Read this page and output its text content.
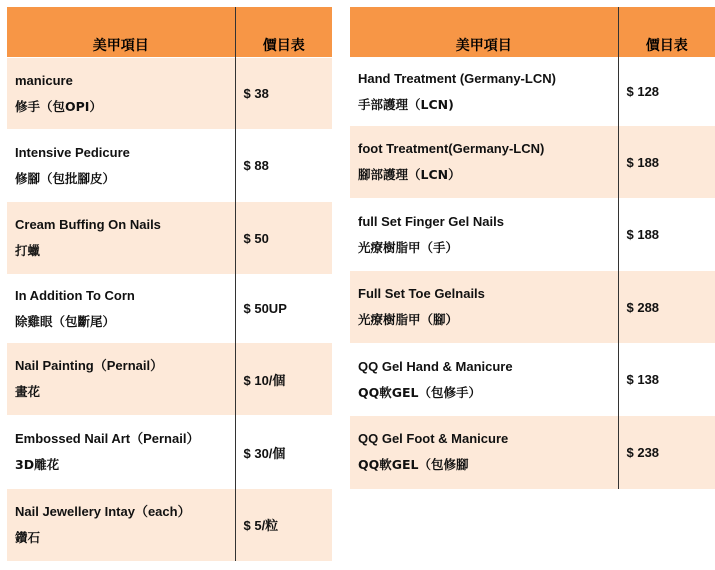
美甲項目	價目表

manicure
修手（包OPI）	$ 38

Intensive Pedicure
修腳（包批腳皮）	$ 88

Cream Buffing On Nails
打蠟	$ 50

In Addition To Corn
除雞眼（包斷尾）	$ 50UP

Nail Painting（Pernail）
畫花	$ 10/個

Embossed Nail Art（Pernail）
3D雕花	$ 30/個

Nail Jewellery Intay（each）
鑽石	$ 5/粒
美甲項目	價目表

Hand Treatment (Germany-LCN)
手部護理（LCN)	$ 128

foot Treatment(Germany-LCN)
腳部護理（LCN）	$ 188

full Set Finger Gel Nails
光療樹脂甲（手）	$ 188

Full Set Toe Gelnails
光療樹脂甲（腳）	$ 288

QQ Gel Hand & Manicure
QQ軟GEL（包修手）	$ 138

QQ Gel Foot & Manicure
QQ軟GEL（包修腳	$ 238
